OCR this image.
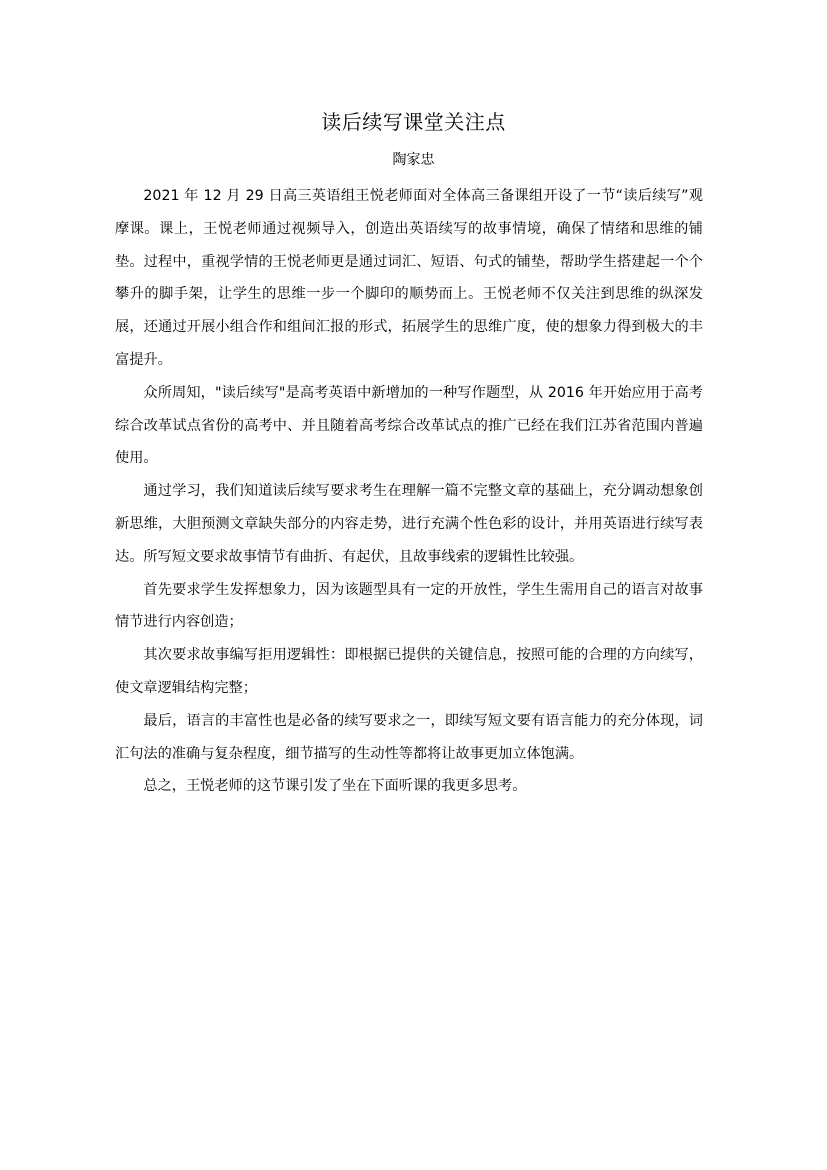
读后续写课堂关注点
陶家忠

2021 年 12 月 29 日高三英语组王悦老师面对全体高三备课组开设了一节“读后续写”观摩课。课上，王悦老师通过视频导入，创造出英语续写的故事情境，确保了情绪和思维的铺垫。过程中，重视学情的王悦老师更是通过词汇、短语、句式的铺垫，帮助学生搭建起一个个攀升的脚手架，让学生的思维一步一个脚印的顺势而上。王悦老师不仅关注到思维的纵深发展，还通过开展小组合作和组间汇报的形式，拓展学生的思维广度，使的想象力得到极大的丰富提升。

众所周知，"读后续写"是高考英语中新增加的一种写作题型，从 2016 年开始应用于高考综合改革试点省份的高考中、并且随着高考综合改革试点的推广已经在我们江苏省范围内普遍使用。

通过学习，我们知道读后续写要求考生在理解一篇不完整文章的基础上，充分调动想象创新思维，大胆预测文章缺失部分的内容走势，进行充满个性色彩的设计，并用英语进行续写表达。所写短文要求故事情节有曲折、有起伏，且故事线索的逻辑性比较强。

首先要求学生发挥想象力，因为该题型具有一定的开放性，学生生需用自己的语言对故事情节进行内容创造；

其次要求故事编写拒用逻辑性：即根据已提供的关键信息，按照可能的合理的方向续写，使文章逻辑结构完整；

最后，语言的丰富性也是必备的续写要求之一，即续写短文要有语言能力的充分体现，词汇句法的准确与复杂程度，细节描写的生动性等都将让故事更加立体饱满。

总之，王悦老师的这节课引发了坐在下面听课的我更多思考。
